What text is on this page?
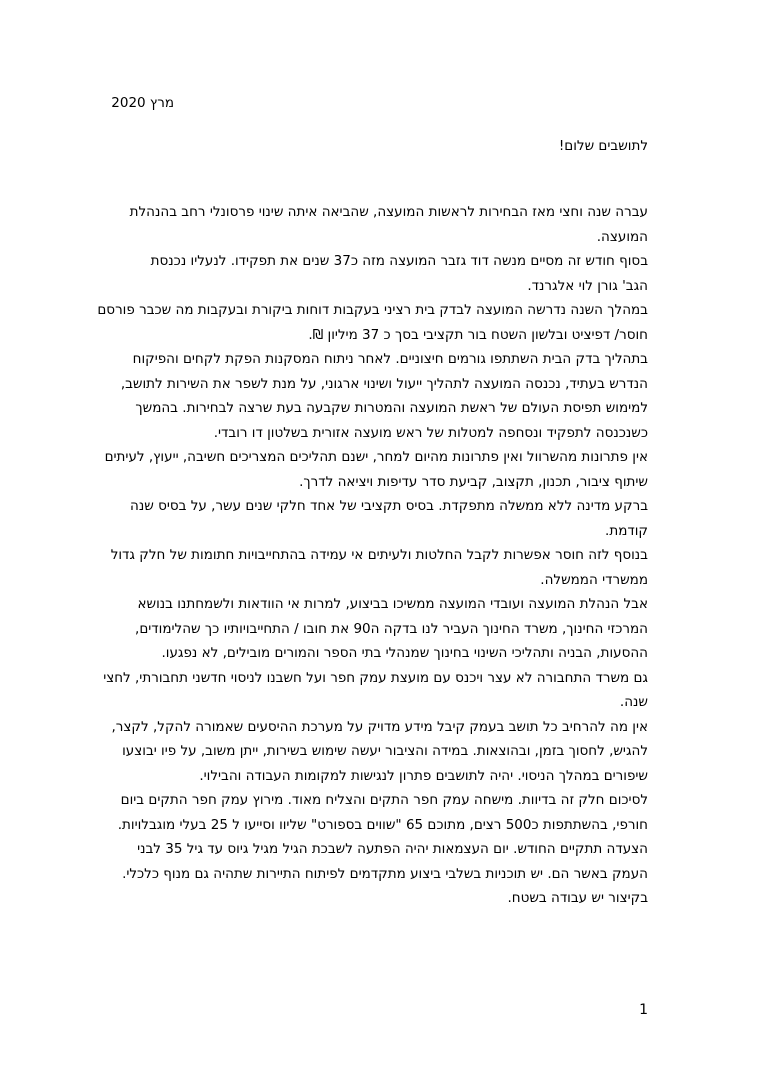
מרץ 2020
לתושבים שלום!
עברה שנה וחצי מאז הבחירות לראשות המועצה, שהביאה איתה שינוי פרסונלי רחב בהנהלת
המועצה.
בסוף חודש זה מסיים מנשה דוד גזבר המועצה מזה כ37 שנים את תפקידו. לנעליו נכנסת
הגב' גורן לוי אלגרנד.
במהלך השנה נדרשה המועצה לבדק בית רציני בעקבות דוחות ביקורת ובעקבות מה שכבר פורסם
חוסר/ דפיציט ובלשון השטח בור תקציבי בסך כ 37 מיליון ₪.
בתהליך בדק הבית השתתפו גורמים חיצוניים. לאחר ניתוח המסקנות הפקת לקחים והפיקוח
הנדרש בעתיד, נכנסה המועצה לתהליך ייעול ושינוי ארגוני, על מנת לשפר את השירות לתושב,
למימוש תפיסת העולם של ראשת המועצה והמטרות שקבעה בעת שרצה לבחירות. בהמשך
כשנכנסה לתפקיד ונסחפה למטלות של ראש מועצה אזורית בשלטון דו רובדי.
אין פתרונות מהשרוול ואין פתרונות מהיום למחר, ישנם תהליכים המצריכים חשיבה, ייעוץ, לעיתים
שיתוף ציבור, תכנון, תקצוב, קביעת סדר עדיפות ויציאה לדרך.
ברקע מדינה ללא ממשלה מתפקדת. בסיס תקציבי של אחד חלקי שנים עשר, על בסיס שנה
קודמת.
בנוסף לזה חוסר אפשרות לקבל החלטות ולעיתים אי עמידה בהתחייבויות חתומות של חלק גדול
ממשרדי הממשלה.
אבל הנהלת המועצה ועובדי המועצה ממשיכו בביצוע, למרות אי הוודאות ולשמחתנו בנושא
המרכזי החינוך, משרד החינוך העביר לנו בדקה ה90 את חובו / התחייבויותיו כך שהלימודים,
ההסעות, הבניה ותהליכי השינוי בחינוך שמנהלי בתי הספר והמורים מובילים, לא נפגעו.
גם משרד התחבורה לא עצר ויכנס עם מועצת עמק חפר ועל חשבנו לניסוי חדשני תחבורתי, לחצי
שנה.
אין מה להרחיב כל תושב בעמק קיבל מידע מדויק על מערכת ההיסעים שאמורה להקל, לקצר,
להגיש, לחסוך בזמן, ובהוצאות. במידה והציבור יעשה שימוש בשירות, ייתן משוב, על פיו יבוצעו
שיפורים במהלך הניסוי. יהיה לתושבים פתרון לנגישות למקומות העבודה והבילוי.
לסיכום חלק זה בדיוות. מישחה עמק חפר התקים והצליח מאוד. מירוץ עמק חפר התקים ביום
חורפי, בהשתתפות כ500 רצים, מתוכם 65 "שווים בספורט" שליוו וסייעו ל 25 בעלי מוגבלויות.
הצעדה תתקיים החודש. יום העצמאות יהיה הפתעה לשבכת הגיל מגיל גיוס עד גיל 35 לבני
העמק באשר הם. יש תוכניות בשלבי ביצוע מתקדמים לפיתוח התיירות שתהיה גם מנוף כלכלי.
בקיצור יש עבודה בשטח.
1
